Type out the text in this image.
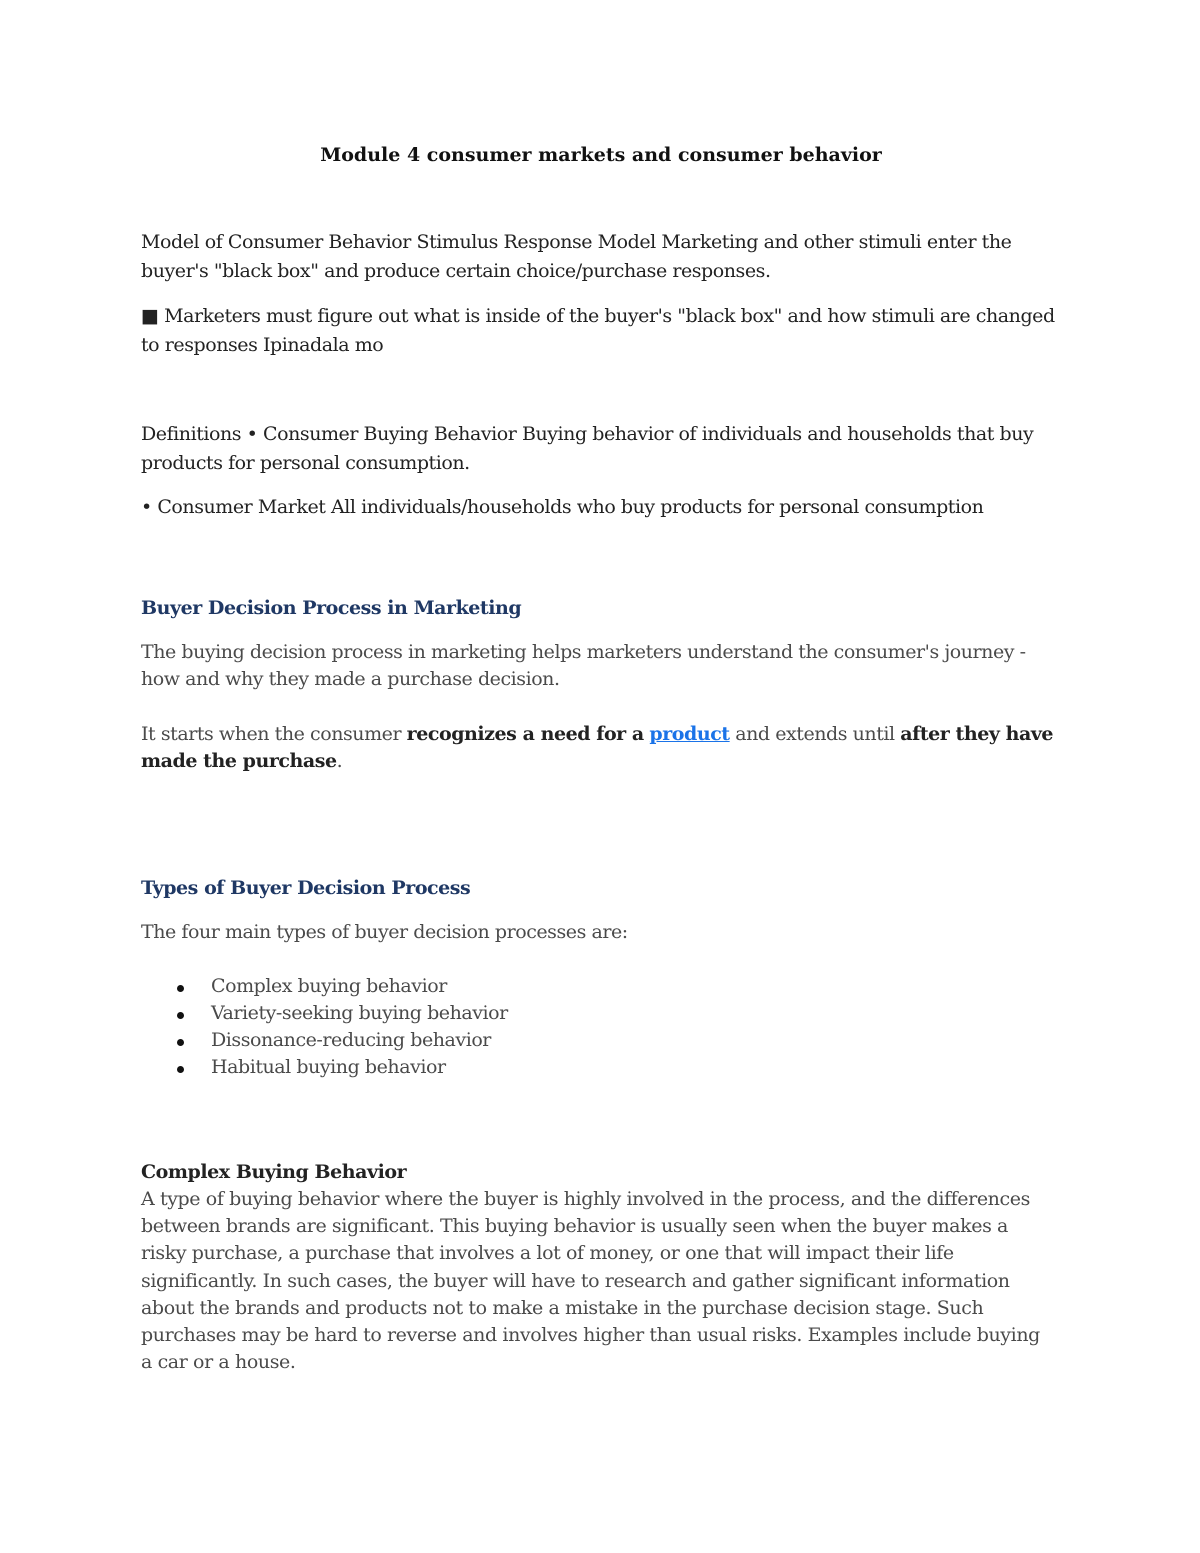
Module 4 consumer markets and consumer behavior

Model of Consumer Behavior Stimulus Response Model Marketing and other stimuli enter the buyer's "black box" and produce certain choice/purchase responses.

■ Marketers must figure out what is inside of the buyer's "black box" and how stimuli are changed to responses Ipinadala mo

Definitions • Consumer Buying Behavior Buying behavior of individuals and households that buy products for personal consumption.

• Consumer Market All individuals/households who buy products for personal consumption

Buyer Decision Process in Marketing

The buying decision process in marketing helps marketers understand the consumer's journey - how and why they made a purchase decision.

It starts when the consumer recognizes a need for a product and extends until after they have made the purchase.

Types of Buyer Decision Process

The four main types of buyer decision processes are:

Complex buying behavior
Variety-seeking buying behavior
Dissonance-reducing behavior
Habitual buying behavior
Complex Buying Behavior
A type of buying behavior where the buyer is highly involved in the process, and the differences between brands are significant. This buying behavior is usually seen when the buyer makes a risky purchase, a purchase that involves a lot of money, or one that will impact their life significantly. In such cases, the buyer will have to research and gather significant information about the brands and products not to make a mistake in the purchase decision stage. Such purchases may be hard to reverse and involves higher than usual risks. Examples include buying a car or a house.
